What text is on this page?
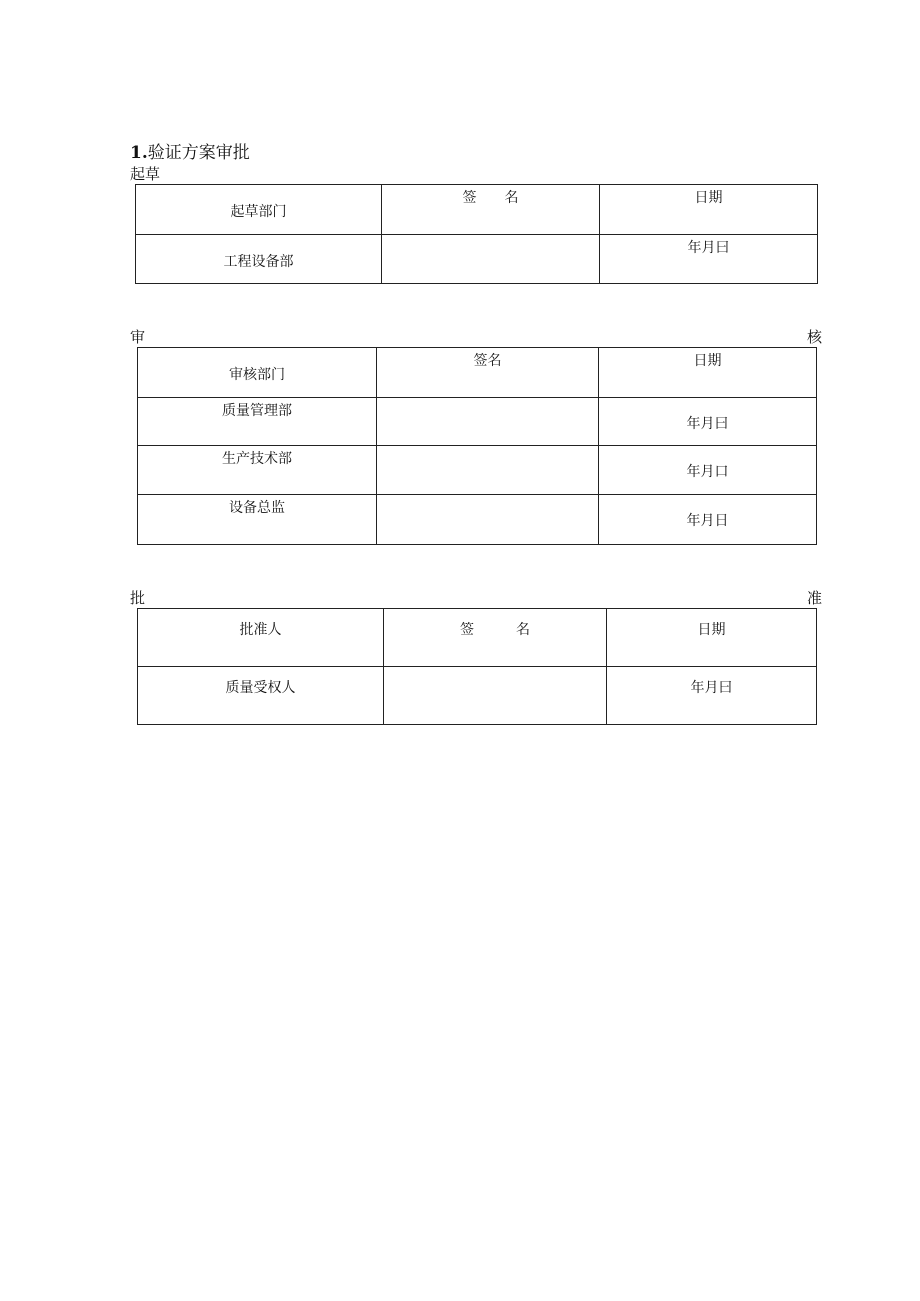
1.验证方案审批
起草
起草部门	签　　名	日期

工程设备部		年月曰
审	核
审核部门	签名	日期

质量管理部		年月曰

生产技术部		年月口

设备总监		年月日
批	准
批准人	签　　　名	日期

质量受权人		年月曰
